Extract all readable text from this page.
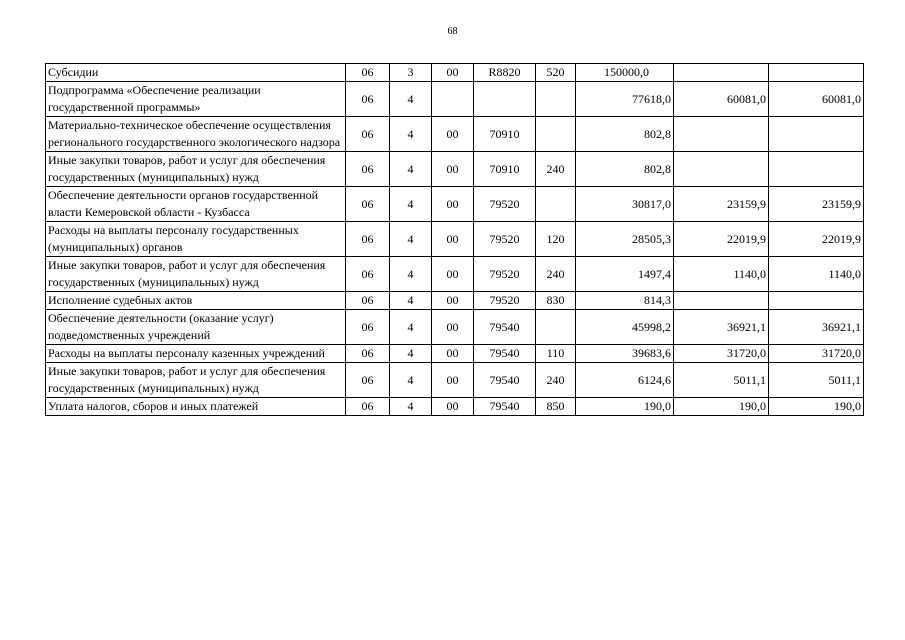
68
Субсидии	06	3	00	R8820	520	150000,0		
Подпрограмма «Обеспечение реализации государственной программы»	06	4				77618,0	60081,0	60081,0
Материально-техническое обеспечение осуществления регионального государственного экологического надзора	06	4	00	70910		802,8		
Иные закупки товаров, работ и услуг для обеспечения государственных (муниципальных) нужд	06	4	00	70910	240	802,8		
Обеспечение деятельности органов государственной власти Кемеровской области - Кузбасса	06	4	00	79520		30817,0	23159,9	23159,9
Расходы на выплаты персоналу государственных (муниципальных) органов	06	4	00	79520	120	28505,3	22019,9	22019,9
Иные закупки товаров, работ и услуг для обеспечения государственных (муниципальных) нужд	06	4	00	79520	240	1497,4	1140,0	1140,0
Исполнение судебных актов	06	4	00	79520	830	814,3		
Обеспечение деятельности (оказание услуг) подведомственных учреждений	06	4	00	79540		45998,2	36921,1	36921,1
Расходы на выплаты персоналу казенных учреждений	06	4	00	79540	110	39683,6	31720,0	31720,0
Иные закупки товаров, работ и услуг для обеспечения государственных (муниципальных) нужд	06	4	00	79540	240	6124,6	5011,1	5011,1
Уплата налогов, сборов и иных платежей	06	4	00	79540	850	190,0	190,0	190,0
